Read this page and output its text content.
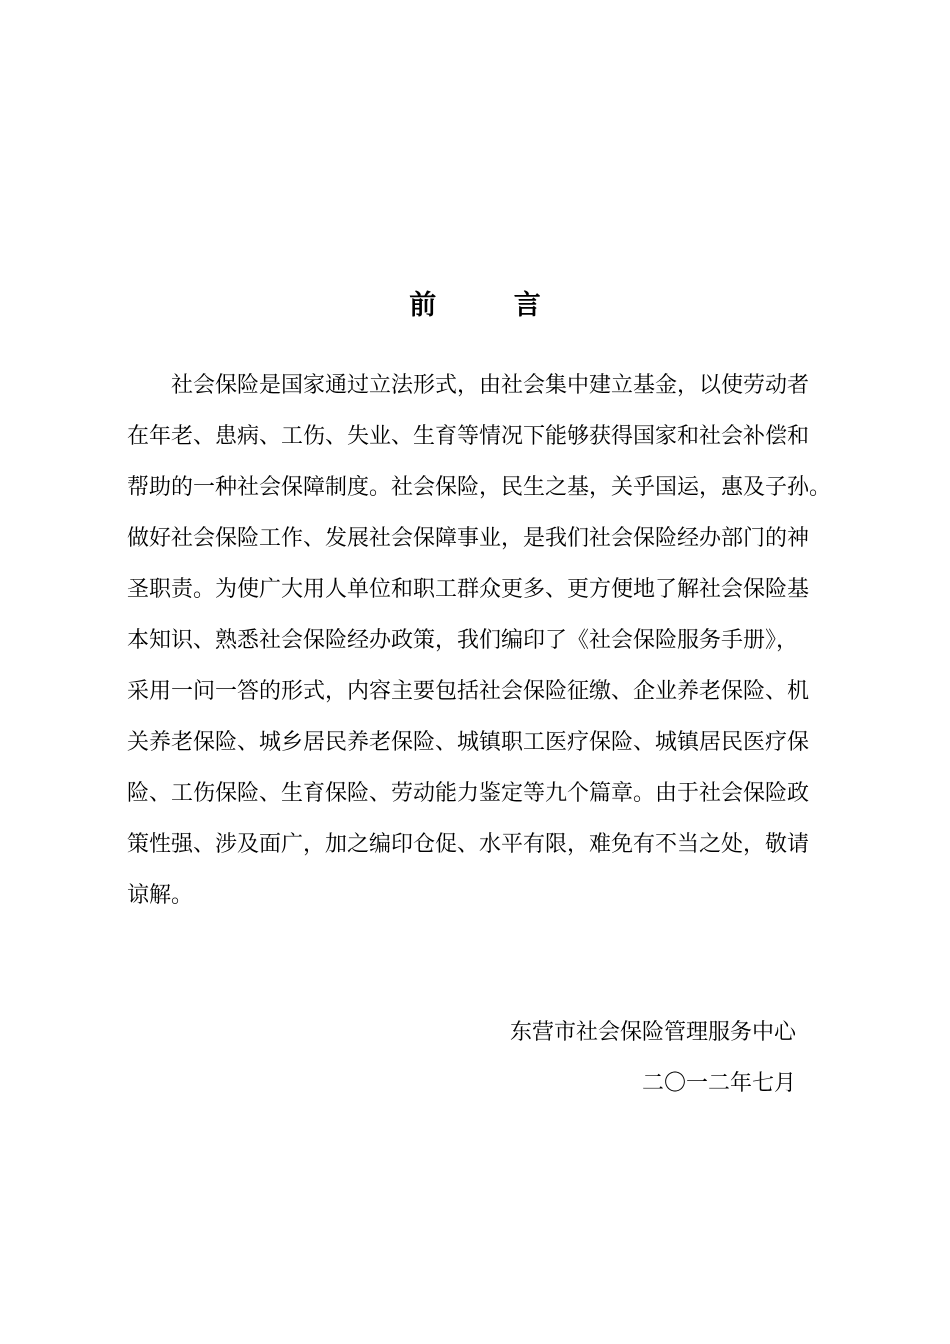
前 言
社会保险是国家通过立法形式，由社会集中建立基金，以使劳动者
在年老、患病、工伤、失业、生育等情况下能够获得国家和社会补偿和
帮助的一种社会保障制度。社会保险，民生之基，关乎国运，惠及子孙。
做好社会保险工作、发展社会保障事业，是我们社会保险经办部门的神
圣职责。为使广大用人单位和职工群众更多、更方便地了解社会保险基
本知识、熟悉社会保险经办政策，我们编印了《社会保险服务手册》，
采用一问一答的形式，内容主要包括社会保险征缴、企业养老保险、机
关养老保险、城乡居民养老保险、城镇职工医疗保险、城镇居民医疗保
险、工伤保险、生育保险、劳动能力鉴定等九个篇章。由于社会保险政
策性强、涉及面广，加之编印仓促、水平有限，难免有不当之处，敬请
谅解。
东营市社会保险管理服务中心
二〇一二年七月
